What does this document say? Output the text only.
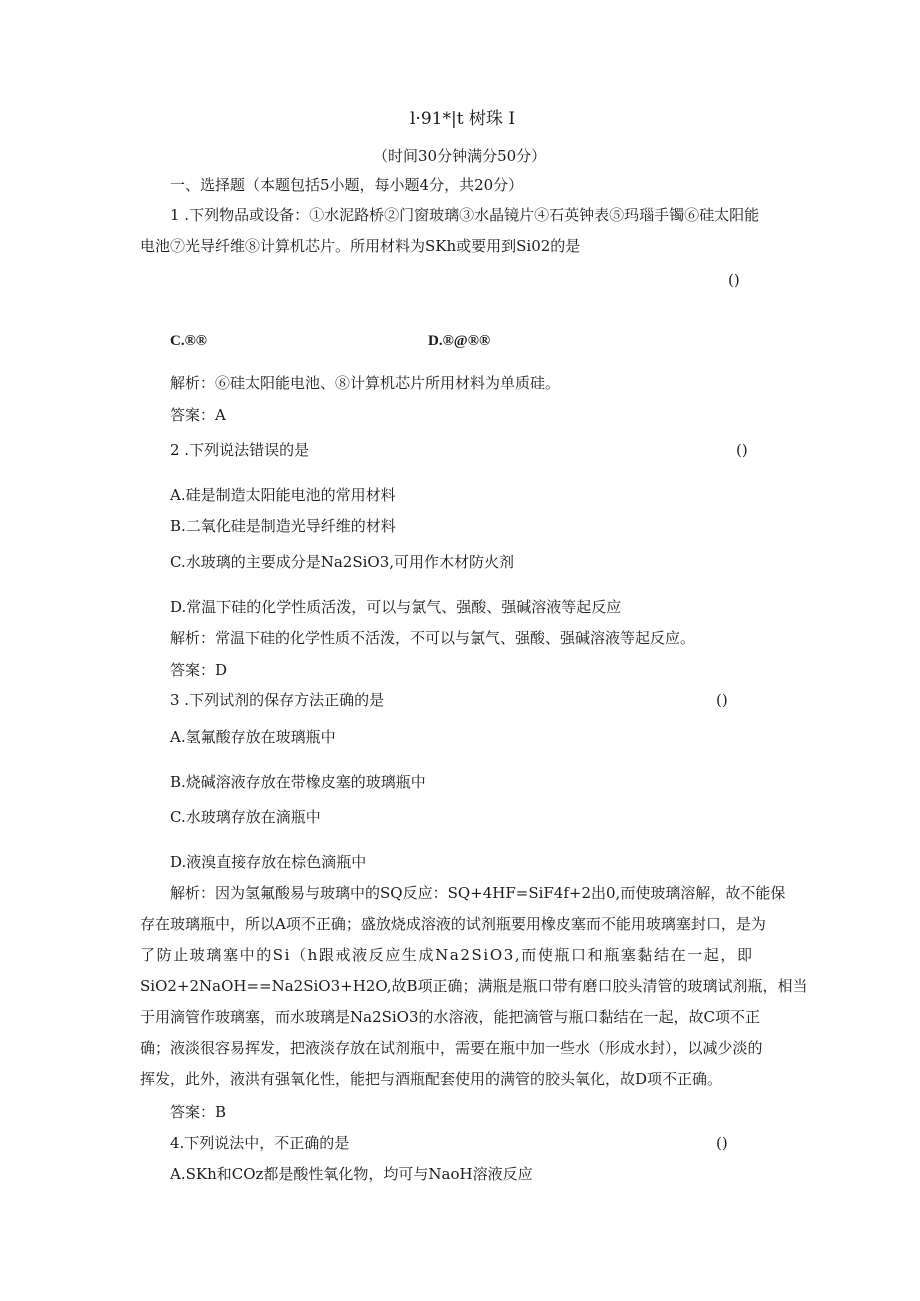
l·91*|t 树珠 I
（时间30分钟满分50分）
一、选择题（本题包括5小题，每小题4分，共20分）
1 .下列物品或设备：①水泥路桥②门窗玻璃③水晶镜片④石英钟表⑤玛瑙手镯⑥硅太阳能
电池⑦光导纤维⑧计算机芯片。所用材料为SKh或要用到Si02的是
()
C.®®	D.®@®®
解析：⑥硅太阳能电池、⑧计算机芯片所用材料为单质硅。
答案：A
2 .下列说法错误的是	()
A.硅是制造太阳能电池的常用材料
B.二氧化硅是制造光导纤维的材料
C.水玻璃的主要成分是Na2SiO3,可用作木材防火剂
D.常温下硅的化学性质活泼，可以与氯气、强酸、强碱溶液等起反应
解析：常温下硅的化学性质不活泼，不可以与氯气、强酸、强碱溶液等起反应。
答案：D
3 .下列试剂的保存方法正确的是	()
A.氢氟酸存放在玻璃瓶中
B.烧碱溶液存放在带橡皮塞的玻璃瓶中
C.水玻璃存放在滴瓶中
D.液溴直接存放在棕色滴瓶中
解析：因为氢氟酸易与玻璃中的SQ反应：SQ+4HF=SiF4f+2出0,而使玻璃溶解，故不能保
存在玻璃瓶中，所以A项不正确；盛放烧成溶液的试剂瓶要用橡皮塞而不能用玻璃塞封口，是为
了防止玻璃塞中的Si（h跟戒液反应生成Na2SiO3,而使瓶口和瓶塞黏结在一起，即
SiO2+2NaOH==Na2SiO3+H2O,故B项正确；满瓶是瓶口带有磨口胶头清管的玻璃试剂瓶，相当
于用滴管作玻璃塞，而水玻璃是Na2SiO3的水溶液，能把滴管与瓶口黏结在一起，故C项不正
确；液淡很容易挥发，把液淡存放在试剂瓶中，需要在瓶中加一些水（形成水封），以减少淡的
挥发，此外，液洪有强氧化性，能把与酒瓶配套使用的满管的胶头氧化，故D项不正确。
答案：B
4.下列说法中，不正确的是	()
A.SKh和COz都是酸性氧化物，均可与NaoH溶液反应
